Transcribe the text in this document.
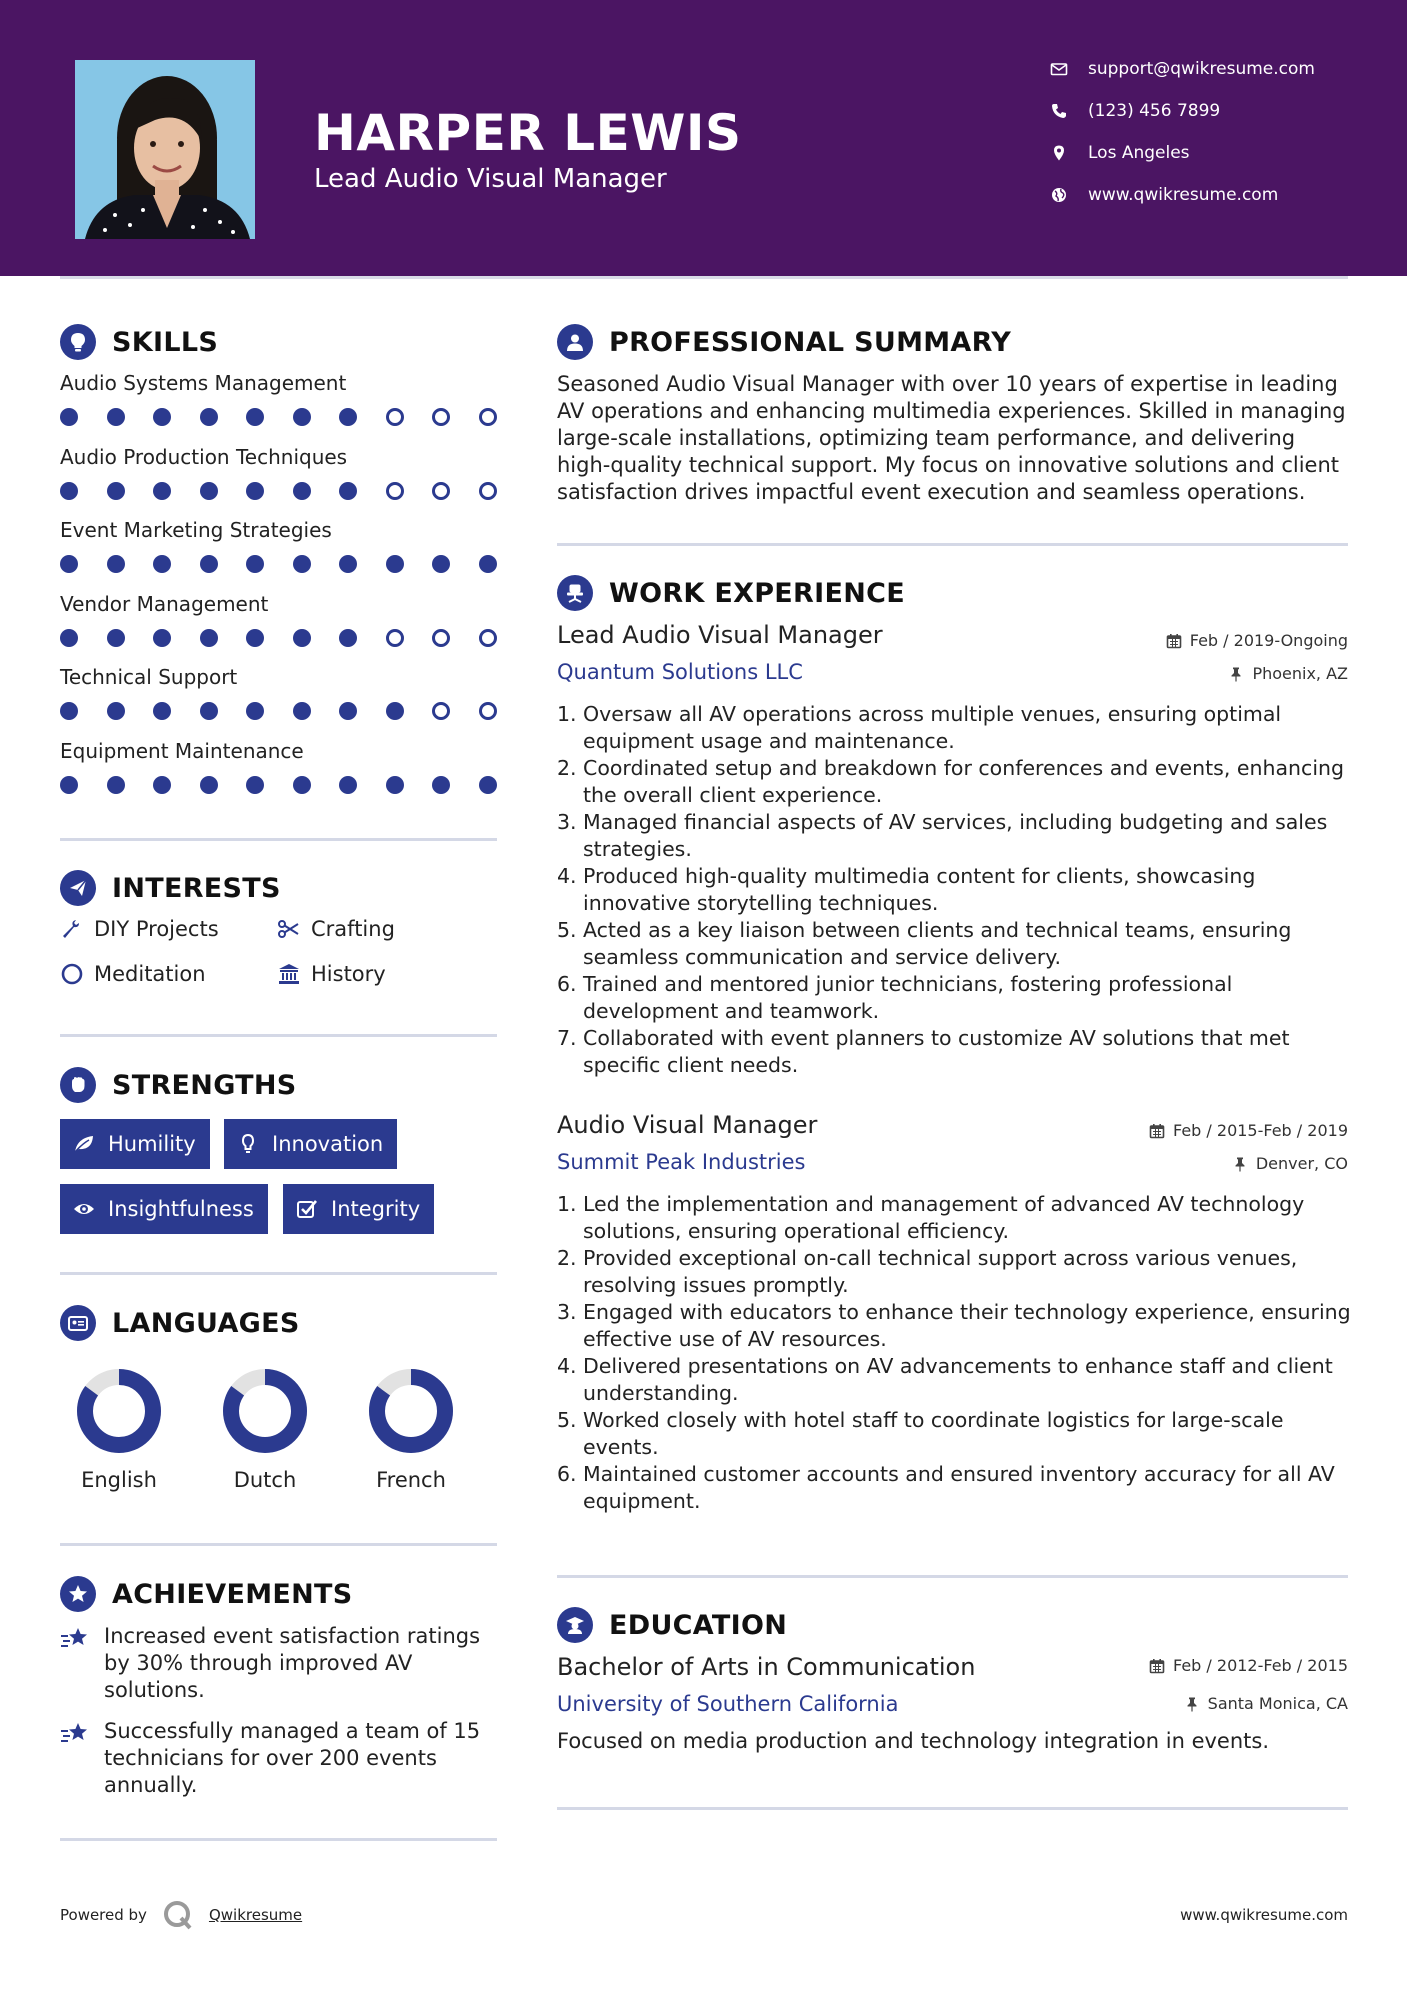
HARPER LEWIS
Lead Audio Visual Manager
support@qwikresume.com
(123) 456 7899
Los Angeles
www.qwikresume.com
SKILLS
Audio Systems Management
Audio Production Techniques
Event Marketing Strategies
Vendor Management
Technical Support
Equipment Maintenance
INTERESTS
DIY Projects	Crafting
Meditation	History
STRENGTHS
Humility	Innovation
Insightfulness	Integrity
LANGUAGES
English	Dutch	French
ACHIEVEMENTS
Increased event satisfaction ratings by 30% through improved AV solutions.
Successfully managed a team of 15 technicians for over 200 events annually.
PROFESSIONAL SUMMARY
Seasoned Audio Visual Manager with over 10 years of expertise in leading AV operations and enhancing multimedia experiences. Skilled in managing large-scale installations, optimizing team performance, and delivering high-quality technical support. My focus on innovative solutions and client satisfaction drives impactful event execution and seamless operations.
WORK EXPERIENCE
Lead Audio Visual Manager	Feb / 2019-Ongoing
Quantum Solutions LLC	Phoenix, AZ
1. Oversaw all AV operations across multiple venues, ensuring optimal equipment usage and maintenance.
2. Coordinated setup and breakdown for conferences and events, enhancing the overall client experience.
3. Managed financial aspects of AV services, including budgeting and sales strategies.
4. Produced high-quality multimedia content for clients, showcasing innovative storytelling techniques.
5. Acted as a key liaison between clients and technical teams, ensuring seamless communication and service delivery.
6. Trained and mentored junior technicians, fostering professional development and teamwork.
7. Collaborated with event planners to customize AV solutions that met specific client needs.
Audio Visual Manager	Feb / 2015-Feb / 2019
Summit Peak Industries	Denver, CO
1. Led the implementation and management of advanced AV technology solutions, ensuring operational efficiency.
2. Provided exceptional on-call technical support across various venues, resolving issues promptly.
3. Engaged with educators to enhance their technology experience, ensuring effective use of AV resources.
4. Delivered presentations on AV advancements to enhance staff and client understanding.
5. Worked closely with hotel staff to coordinate logistics for large-scale events.
6. Maintained customer accounts and ensured inventory accuracy for all AV equipment.
EDUCATION
Bachelor of Arts in Communication	Feb / 2012-Feb / 2015
University of Southern California	Santa Monica, CA
Focused on media production and technology integration in events.
Powered by	Qwikresume	www.qwikresume.com
